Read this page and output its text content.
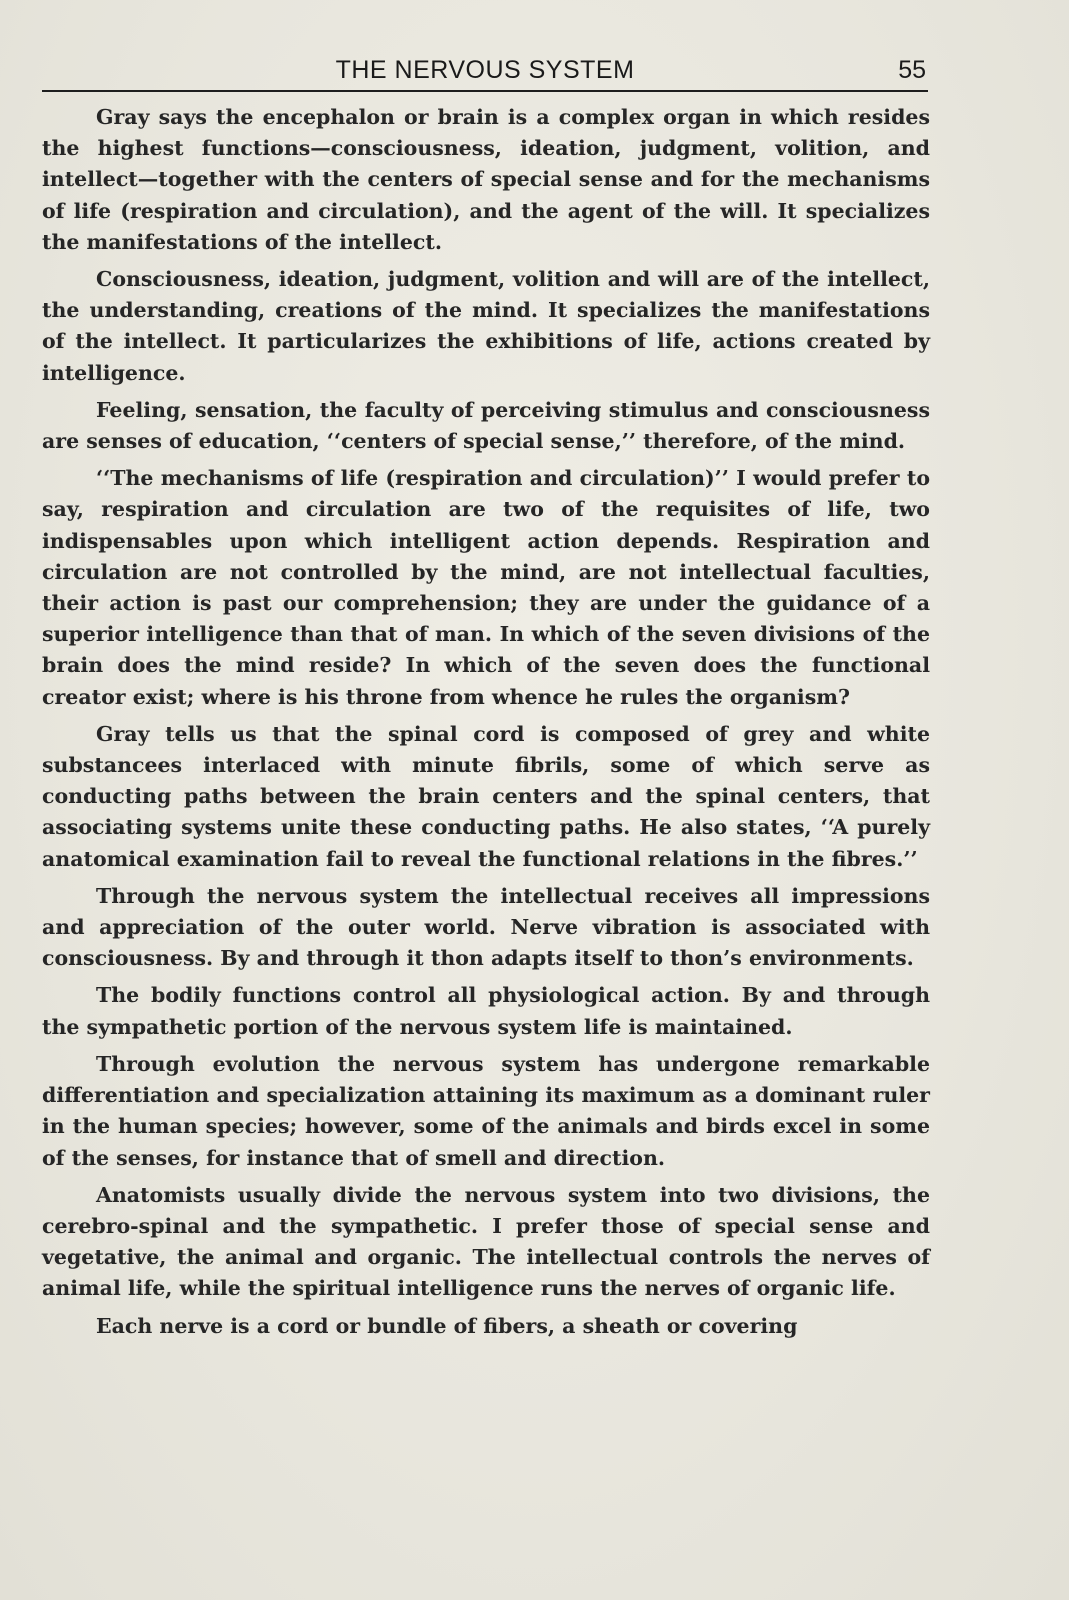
THE NERVOUS SYSTEM	55

Gray says the encephalon or brain is a complex organ in which resides the highest functions—consciousness, ideation, judgment, volition, and intellect—together with the centers of special sense and for the mechanisms of life (respiration and circulation), and the agent of the will. It specializes the manifestations of the intellect.

Consciousness, ideation, judgment, volition and will are of the intellect, the understanding, creations of the mind. It specializes the manifestations of the intellect. It particularizes the exhibitions of life, actions created by intelligence.

Feeling, sensation, the faculty of perceiving stimulus and consciousness are senses of education, ‘‘centers of special sense,’’ therefore, of the mind.

‘‘The mechanisms of life (respiration and circulation)’’ I would prefer to say, respiration and circulation are two of the requisites of life, two indispensables upon which intelligent action depends. Respiration and circulation are not controlled by the mind, are not intellectual faculties, their action is past our comprehension; they are under the guidance of a superior intelligence than that of man. In which of the seven divisions of the brain does the mind reside? In which of the seven does the functional creator exist; where is his throne from whence he rules the organism?

Gray tells us that the spinal cord is composed of grey and white substancees interlaced with minute fibrils, some of which serve as conducting paths between the brain centers and the spinal centers, that associating systems unite these conducting paths. He also states, ‘‘A purely anatomical examination fail to reveal the functional relations in the fibres.’’

Through the nervous system the intellectual receives all impressions and appreciation of the outer world. Nerve vibration is associated with consciousness. By and through it thon adapts itself to thon’s environments.

The bodily functions control all physiological action. By and through the sympathetic portion of the nervous system life is maintained.

Through evolution the nervous system has undergone remarkable differentiation and specialization attaining its maximum as a dominant ruler in the human species; however, some of the animals and birds excel in some of the senses, for instance that of smell and direction.

Anatomists usually divide the nervous system into two divisions, the cerebro-spinal and the sympathetic. I prefer those of special sense and vegetative, the animal and organic. The intellectual controls the nerves of animal life, while the spiritual intelligence runs the nerves of organic life.

Each nerve is a cord or bundle of fibers, a sheath or covering
